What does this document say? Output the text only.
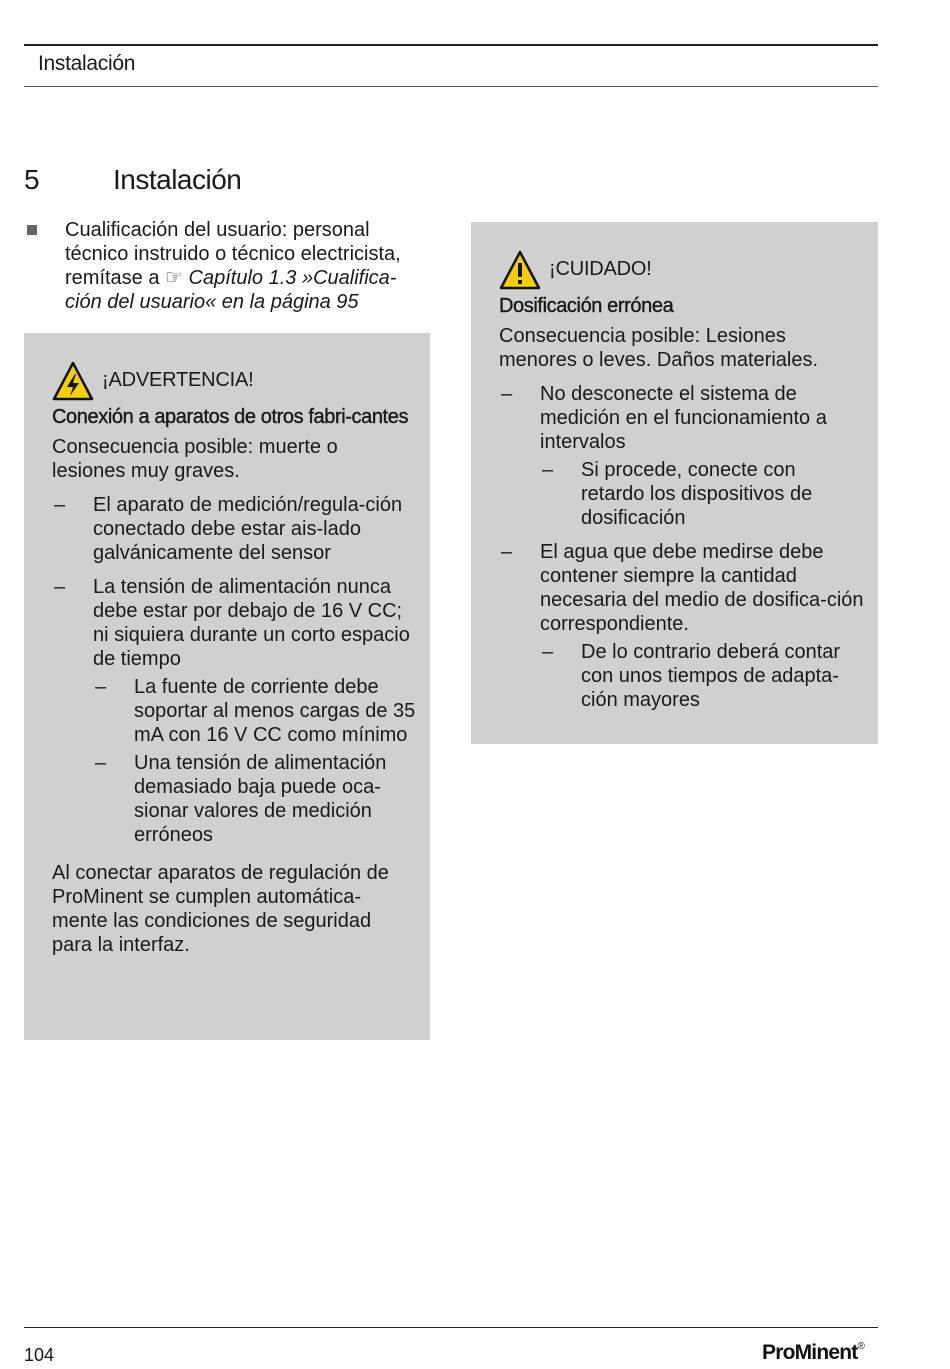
Instalación
5	Instalación
Cualificación del usuario: personal técnico instruido o técnico electricista, remítase a ☞ Capítulo 1.3 »Cualifica-ción del usuario« en la página 95
¡ADVERTENCIA!
Conexión a aparatos de otros fabri-cantes
Consecuencia posible: muerte o lesiones muy graves.
– El aparato de medición/regula-ción conectado debe estar ais-lado galvánicamente del sensor
– La tensión de alimentación nunca debe estar por debajo de 16 V CC; ni siquiera durante un corto espacio de tiempo
– La fuente de corriente debe soportar al menos cargas de 35 mA con 16 V CC como mínimo
– Una tensión de alimentación demasiado baja puede oca-sionar valores de medición erróneos
Al conectar aparatos de regulación de ProMinent se cumplen automática-mente las condiciones de seguridad para la interfaz.
¡CUIDADO!
Dosificación errónea
Consecuencia posible: Lesiones menores o leves. Daños materiales.
– No desconecte el sistema de medición en el funcionamiento a intervalos
– Si procede, conecte con retardo los dispositivos de dosificación
– El agua que debe medirse debe contener siempre la cantidad necesaria del medio de dosifica-ción correspondiente.
– De lo contrario deberá contar con unos tiempos de adapta-ción mayores
104	ProMinent®
